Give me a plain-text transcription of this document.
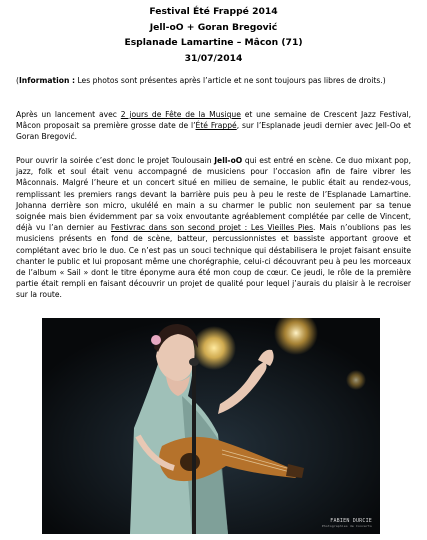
Festival Été Frappé 2014
Jell-oO + Goran Bregović
Esplanade Lamartine – Mâcon (71)
31/07/2014
(Information : Les photos sont présentes après l’article et ne sont toujours pas libres de droits.)
Après un lancement avec 2 jours de Fête de la Musique et une semaine de Crescent Jazz Festival, Mâcon proposait sa première grosse date de l’Été Frappé, sur l’Esplanade jeudi dernier avec Jell-Oo et Goran Bregović.
Pour ouvrir la soirée c’est donc le projet Toulousain Jell-oO qui est entré en scène. Ce duo mixant pop, jazz, folk et soul était venu accompagné de musiciens pour l’occasion afin de faire vibrer les Mâconnais. Malgré l’heure et un concert situé en milieu de semaine, le public était au rendez-vous, remplissant les premiers rangs devant la barrière puis peu à peu le reste de l’Esplanade Lamartine. Johanna derrière son micro, ukulélé en main a su charmer le public non seulement par sa tenue soignée mais bien évidemment par sa voix envoutante agréablement complétée par celle de Vincent, déjà vu l’an dernier au Festivrac dans son second projet : Les Vieilles Pies. Mais n’oublions pas les musiciens présents en fond de scène, batteur, percussionnistes et bassiste apportant groove et complétant avec brio le duo. Ce n’est pas un souci technique qui déstabilisera le projet faisant ensuite chanter le public et lui proposant même une chorégraphie, celui-ci découvrant peu à peu les morceaux de l’album « Sail » dont le titre éponyme aura été mon coup de cœur. Ce jeudi, le rôle de la première partie était rempli en faisant découvrir un projet de qualité pour lequel j’aurais du plaisir à le recroiser sur la route.
FABIEN DURCIE
Photographies de Concerts
